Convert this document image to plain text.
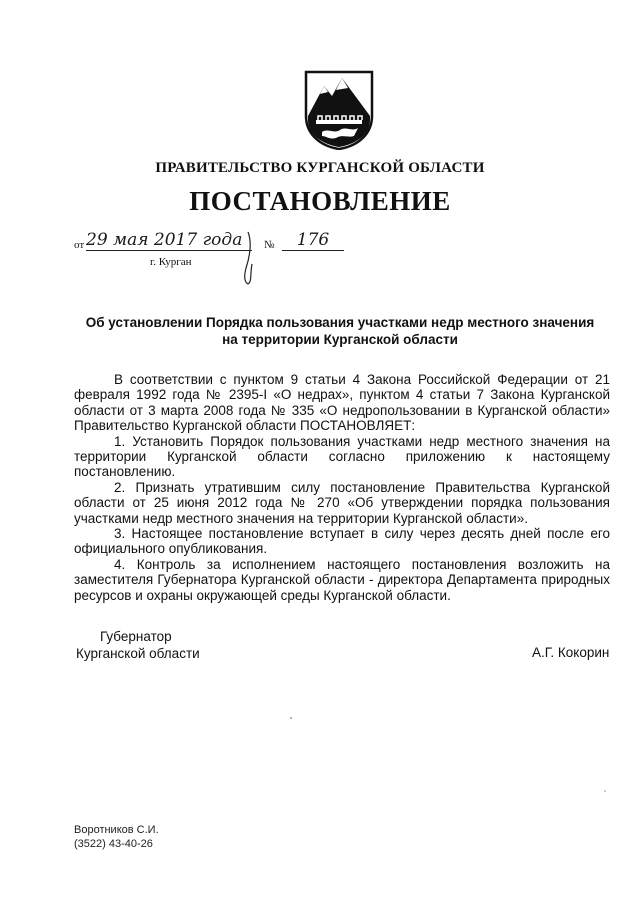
ПРАВИТЕЛЬСТВО КУРГАНСКОЙ ОБЛАСТИ
ПОСТАНОВЛЕНИЕ
от 29 мая 2017 года	№	176
г. Курган
Об установлении Порядка пользования участками недр местного значения
на территории Курганской области

В соответствии с пунктом 9 статьи 4 Закона Российской Федерации от 21 февраля 1992 года № 2395-I «О недрах», пунктом 4 статьи 7 Закона Курганской области от 3 марта 2008 года № 335 «О недропользовании в Курганской области» Правительство Курганской области ПОСТАНОВЛЯЕТ:

1. Установить Порядок пользования участками недр местного значения на территории Курганской области согласно приложению к настоящему постановлению.

2. Признать утратившим силу постановление Правительства Курганской области от 25 июня 2012 года № 270 «Об утверждении порядка пользования участками недр местного значения на территории Курганской области».

3. Настоящее постановление вступает в силу через десять дней после его официального опубликования.

4. Контроль за исполнением настоящего постановления возложить на заместителя Губернатора Курганской области - директора Департамента природных ресурсов и охраны окружающей среды Курганской области.

Губернатор
Курганской области	А.Г. Кокорин
Воротников С.И.
(3522) 43-40-26
